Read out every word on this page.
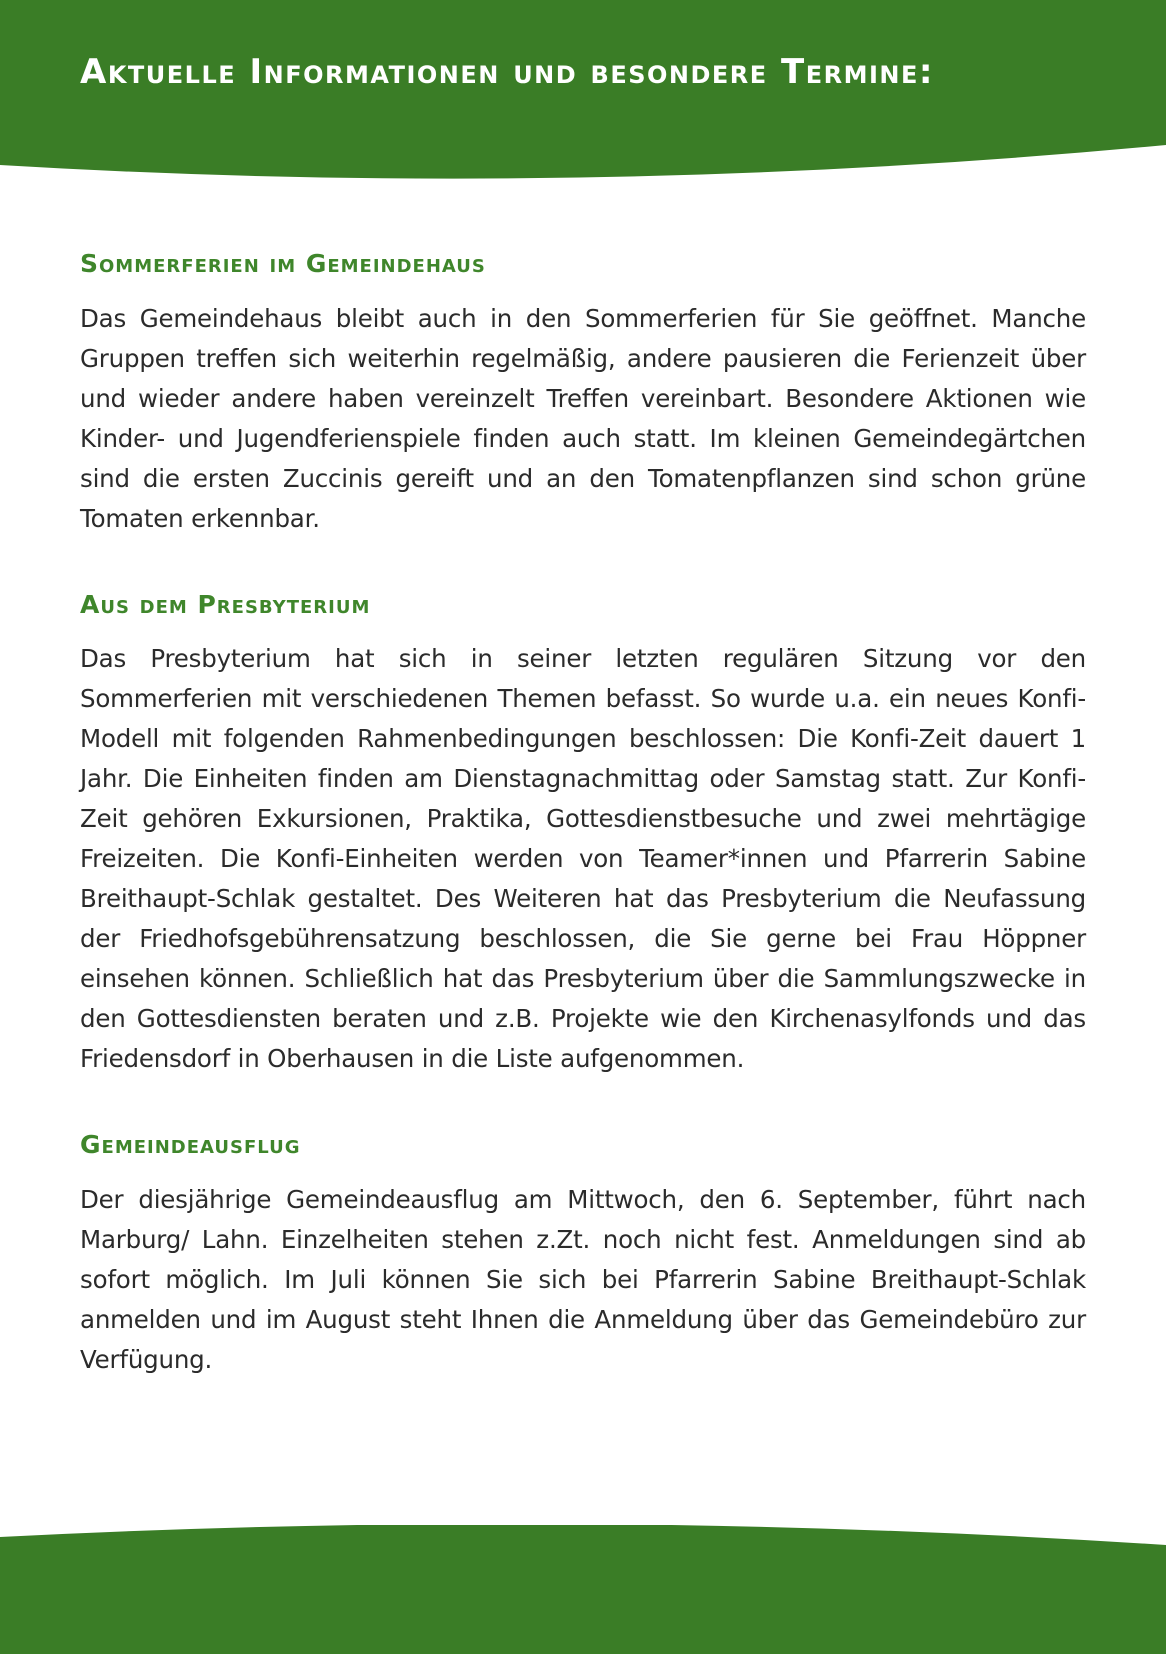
Aktuelle Informationen und besondere Termine:
Sommerferien im Gemeindehaus

Das Gemeindehaus bleibt auch in den Sommerferien für Sie geöffnet. Manche Gruppen treffen sich weiterhin regelmäßig, andere pausieren die Ferienzeit über und wieder andere haben vereinzelt Treffen vereinbart. Besondere Aktionen wie Kinder- und Jugendferienspiele finden auch statt. Im kleinen Gemeindegärtchen sind die ersten Zuccinis gereift und an den Tomatenpflanzen sind schon grüne Tomaten erkennbar.

Aus dem Presbyterium

Das Presbyterium hat sich in seiner letzten regulären Sitzung vor den Sommerferien mit verschiedenen Themen befasst. So wurde u.a. ein neues Konfi-Modell mit folgenden Rahmenbedingungen beschlossen: Die Konfi-Zeit dauert 1 Jahr. Die Einheiten finden am Dienstagnachmittag oder Samstag statt. Zur Konfi-Zeit gehören Exkursionen, Praktika, Gottesdienstbesuche und zwei mehrtägige Freizeiten. Die Konfi-Einheiten werden von Teamer*innen und Pfarrerin Sabine Breithaupt-Schlak gestaltet. Des Weiteren hat das Presbyterium die Neufassung der Friedhofsgebührensatzung beschlossen, die Sie gerne bei Frau Höppner einsehen können. Schließlich hat das Presbyterium über die Sammlungszwecke in den Gottesdiensten beraten und z.B. Projekte wie den Kirchenasylfonds und das Friedensdorf in Oberhausen in die Liste aufgenommen.

Gemeindeausflug

Der diesjährige Gemeindeausflug am Mittwoch, den 6. September, führt nach Marburg/ Lahn. Einzelheiten stehen z.Zt. noch nicht fest. Anmeldungen sind ab sofort möglich. Im Juli können Sie sich bei Pfarrerin Sabine Breithaupt-Schlak anmelden und im August steht Ihnen die Anmeldung über das Gemeindebüro zur Verfügung.
